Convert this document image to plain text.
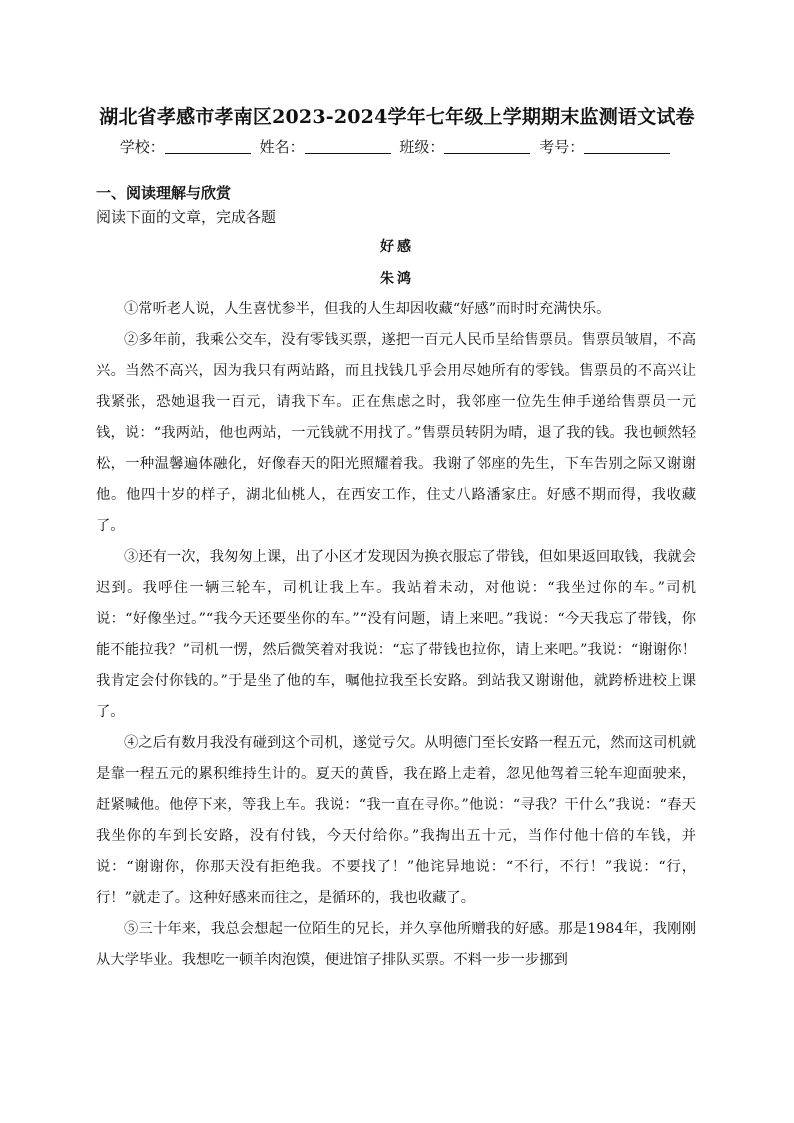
湖北省孝感市孝南区2023-2024学年七年级上学期期末监测语文试卷
学校：	姓名：	班级：	考号：
一、阅读理解与欣赏
阅读下面的文章，完成各题
好感
朱鸿

①常听老人说，人生喜忧参半，但我的人生却因收藏“好感”而时时充满快乐。

②多年前，我乘公交车，没有零钱买票，遂把一百元人民币呈给售票员。售票员皱眉，不高兴。当然不高兴，因为我只有两站路，而且找钱几乎会用尽她所有的零钱。售票员的不高兴让我紧张，恐她退我一百元，请我下车。正在焦虑之时，我邻座一位先生伸手递给售票员一元钱，说：“我两站，他也两站，一元钱就不用找了。”售票员转阴为晴，退了我的钱。我也顿然轻松，一种温馨遍体融化，好像春天的阳光照耀着我。我谢了邻座的先生，下车告别之际又谢谢他。他四十岁的样子，湖北仙桃人，在西安工作，住丈八路潘家庄。好感不期而得，我收藏了。

③还有一次，我匆匆上课，出了小区才发现因为换衣服忘了带钱，但如果返回取钱，我就会迟到。我呼住一辆三轮车，司机让我上车。我站着未动，对他说：“我坐过你的车。”司机说：“好像坐过。”“我今天还要坐你的车。”“没有问题，请上来吧。”我说：“今天我忘了带钱，你能不能拉我？”司机一愣，然后微笑着对我说：“忘了带钱也拉你，请上来吧。”我说：“谢谢你！我肯定会付你钱的。”于是坐了他的车，嘱他拉我至长安路。到站我又谢谢他，就跨桥进校上课了。

④之后有数月我没有碰到这个司机，遂觉亏欠。从明德门至长安路一程五元，然而这司机就是靠一程五元的累积维持生计的。夏天的黄昏，我在路上走着，忽见他驾着三轮车迎面驶来，赶紧喊他。他停下来，等我上车。我说：“我一直在寻你。”他说：“寻我？干什么”我说：“春天我坐你的车到长安路，没有付钱，今天付给你。”我掏出五十元，当作付他十倍的车钱，并说：“谢谢你，你那天没有拒绝我。不要找了！”他诧异地说：“不行，不行！”我说：“行，行！”就走了。这种好感来而往之，是循环的，我也收藏了。

⑤三十年来，我总会想起一位陌生的兄长，并久享他所赠我的好感。那是1984年，我刚刚从大学毕业。我想吃一顿羊肉泡馍，便进馆子排队买票。不料一步一步挪到
